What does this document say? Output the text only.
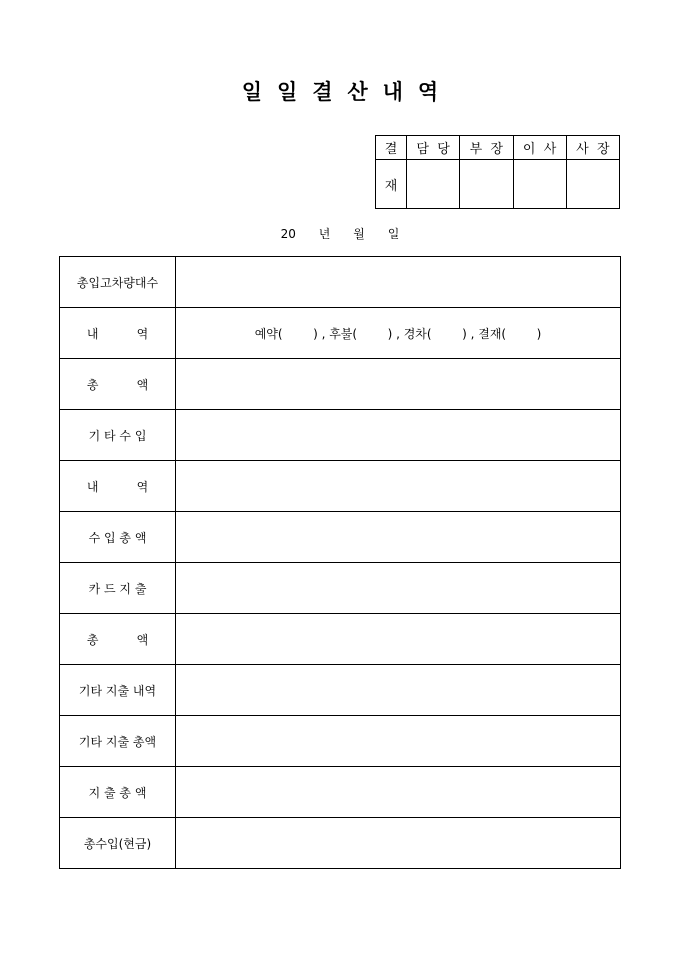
일  일  결  산  내  역
결	담  당	부  장	이  사	사  장
재				
20      년      월      일
총입고차량대수	
내          역	예약(        ) , 후불(        ) , 경차(        ) , 결재(        )
총          액	
기 타 수 입	
내          역	
수 입 총 액	
카 드 지 출	
총          액	
기타 지출 내역	
기타 지출 총액	
지 출 총 액	
총수입(현금)	
